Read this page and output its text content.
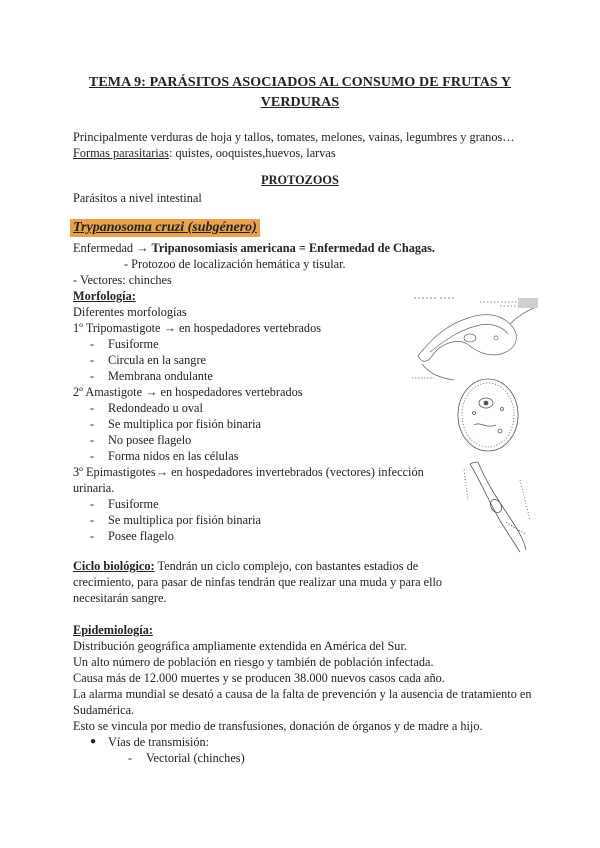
TEMA 9: PARÁSITOS ASOCIADOS AL CONSUMO DE FRUTAS Y VERDURAS
Principalmente verduras de hoja y tallos, tomates, melones, vainas, legumbres y granos…
Formas parasitarias: quistes, ooquistes,huevos, larvas
PROTOZOOS
Parásitos a nivel intestinal
Trypanosoma cruzi (subgénero)
Enfermedad → Tripanosomiasis americana = Enfermedad de Chagas.
- Protozoo de localización hemática y tisular.
- Vectores: chinches
Morfología:
Diferentes morfologías
1º Tripomastigote → en hospedadores vertebrados
- Fusiforme
- Circula en la sangre
- Membrana ondulante
2º Amastigote → en hospedadores vertebrados
- Redondeado u oval
- Se multiplica por fisión binaria
- No posee flagelo
- Forma nidos en las células
3º Epimastigotes→ en hospedadores invertebrados (vectores) infección
urinaria.
- Fusiforme
- Se multiplica por fisión binaria
- Posee flagelo
Ciclo biológico: Tendrán un ciclo complejo, con bastantes estadios de
crecimiento, para pasar de ninfas tendrán que realizar una muda y para ello
necesitarán sangre.
Epidemiología:
Distribución geográfica ampliamente extendida en América del Sur.
Un alto número de población en riesgo y también de población infectada.
Causa más de 12.000 muertes y se producen 38.000 nuevos casos cada año.
La alarma mundial se desató a causa de la falta de prevención y la ausencia de tratamiento en
Sudamérica.
Esto se vincula por medio de transfusiones, donación de órganos y de madre a hijo.
● Vías de transmisión:
- Vectorial (chinches)
